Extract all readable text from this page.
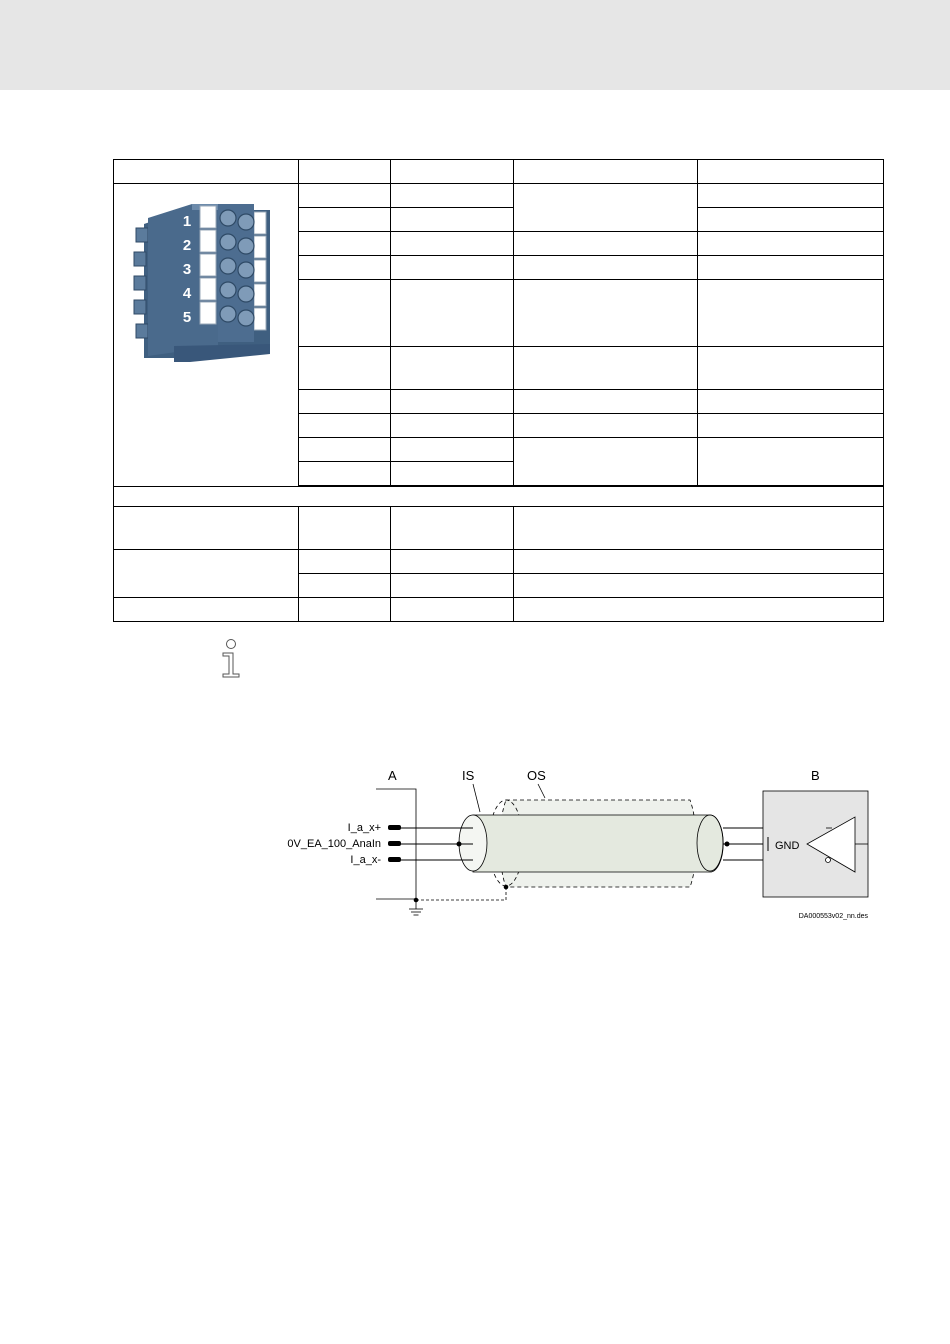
1
2
3
4
5				

A	IS	OS	B
I_a_x+
0V_EA_100_AnaIn
I_a_x-
GND
DA000553v02_nn.des
